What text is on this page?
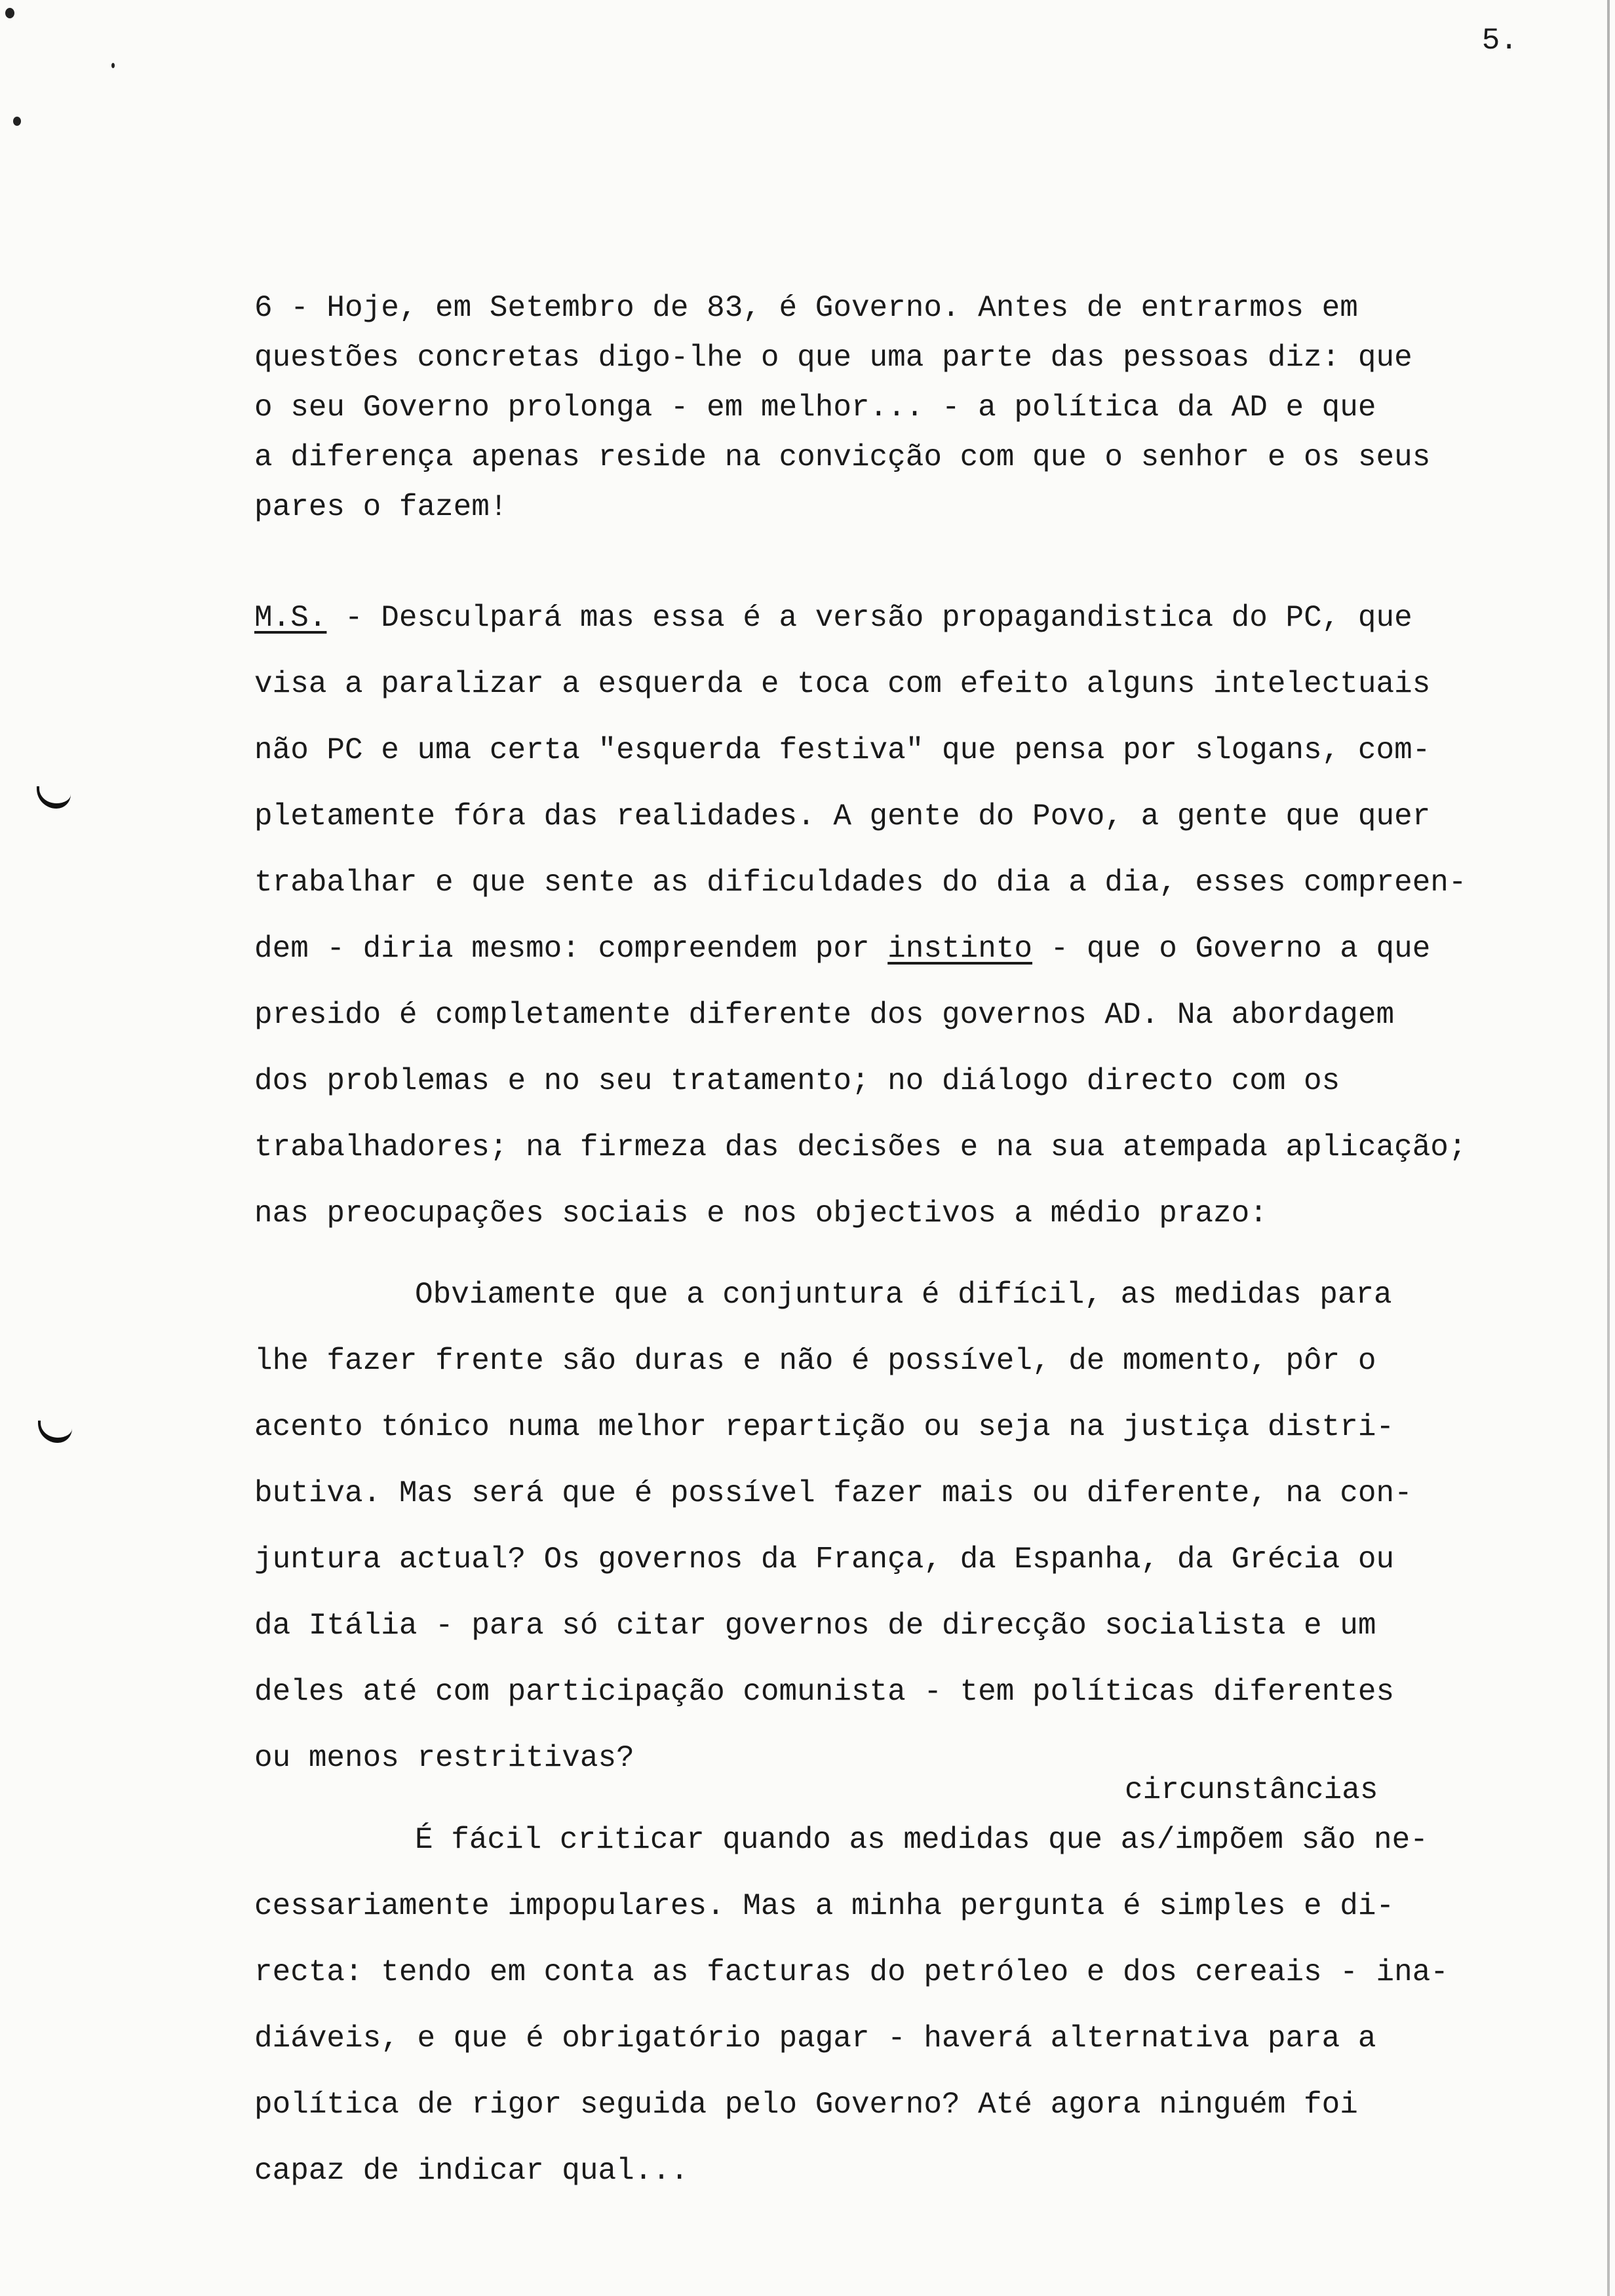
5.
6 - Hoje, em Setembro de 83, é Governo. Antes de entrarmos em
questões concretas digo-lhe o que uma parte das pessoas diz: que
o seu Governo prolonga - em melhor... - a política da AD e que
a diferença apenas reside na convicção com que o senhor e os seus
pares o fazem!
M.S. - Desculpará mas essa é a versão propagandistica do PC, que
visa a paralizar a esquerda e toca com efeito alguns intelectuais
não PC e uma certa "esquerda festiva" que pensa por slogans, com-
pletamente fóra das realidades. A gente do Povo, a gente que quer
trabalhar e que sente as dificuldades do dia a dia, esses compreen-
dem - diria mesmo: compreendem por instinto - que o Governo a que
presido é completamente diferente dos governos AD. Na abordagem
dos problemas e no seu tratamento; no diálogo directo com os
trabalhadores; na firmeza das decisões e na sua atempada aplicação;
nas preocupações sociais e nos objectivos a médio prazo:
Obviamente que a conjuntura é difícil, as medidas para
lhe fazer frente são duras e não é possível, de momento, pôr o
acento tónico numa melhor repartição ou seja na justiça distri-
butiva. Mas será que é possível fazer mais ou diferente, na con-
juntura actual? Os governos da França, da Espanha, da Grécia ou
da Itália - para só citar governos de direcção socialista e um
deles até com participação comunista - tem políticas diferentes
ou menos restritivas?
circunstâncias
É fácil criticar quando as medidas que as/impõem são ne-
cessariamente impopulares. Mas a minha pergunta é simples e di-
recta: tendo em conta as facturas do petróleo e dos cereais - ina-
diáveis, e que é obrigatório pagar - haverá alternativa para a
política de rigor seguida pelo Governo? Até agora ninguém foi
capaz de indicar qual...
